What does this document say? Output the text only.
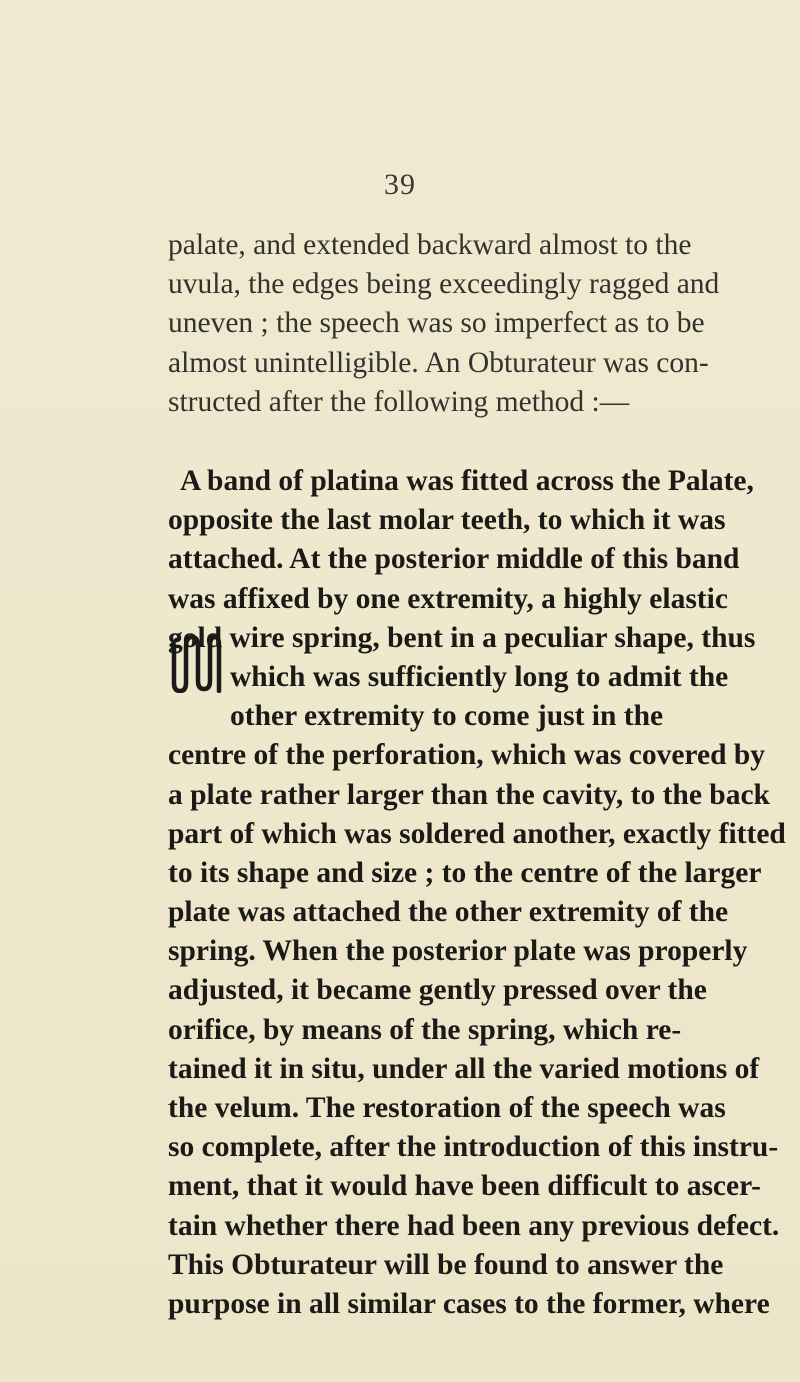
39
palate, and extended backward almost to the
uvula, the edges being exceedingly ragged and
uneven ; the speech was so imperfect as to be
almost unintelligible. An Obturateur was con-
structed after the following method :—
A band of platina was fitted across the Palate,
opposite the last molar teeth, to which it was
attached. At the posterior middle of this band
was affixed by one extremity, a highly elastic
gold wire spring, bent in a peculiar shape, thus
which was sufficiently long to admit the
other extremity to come just in the
centre of the perforation, which was covered by
a plate rather larger than the cavity, to the back
part of which was soldered another, exactly fitted
to its shape and size ; to the centre of the larger
plate was attached the other extremity of the
spring. When the posterior plate was properly
adjusted, it became gently pressed over the
orifice, by means of the spring, which re-
tained it in situ, under all the varied motions of
the velum. The restoration of the speech was
so complete, after the introduction of this instru-
ment, that it would have been difficult to ascer-
tain whether there had been any previous defect.
This Obturateur will be found to answer the
purpose in all similar cases to the former, where
